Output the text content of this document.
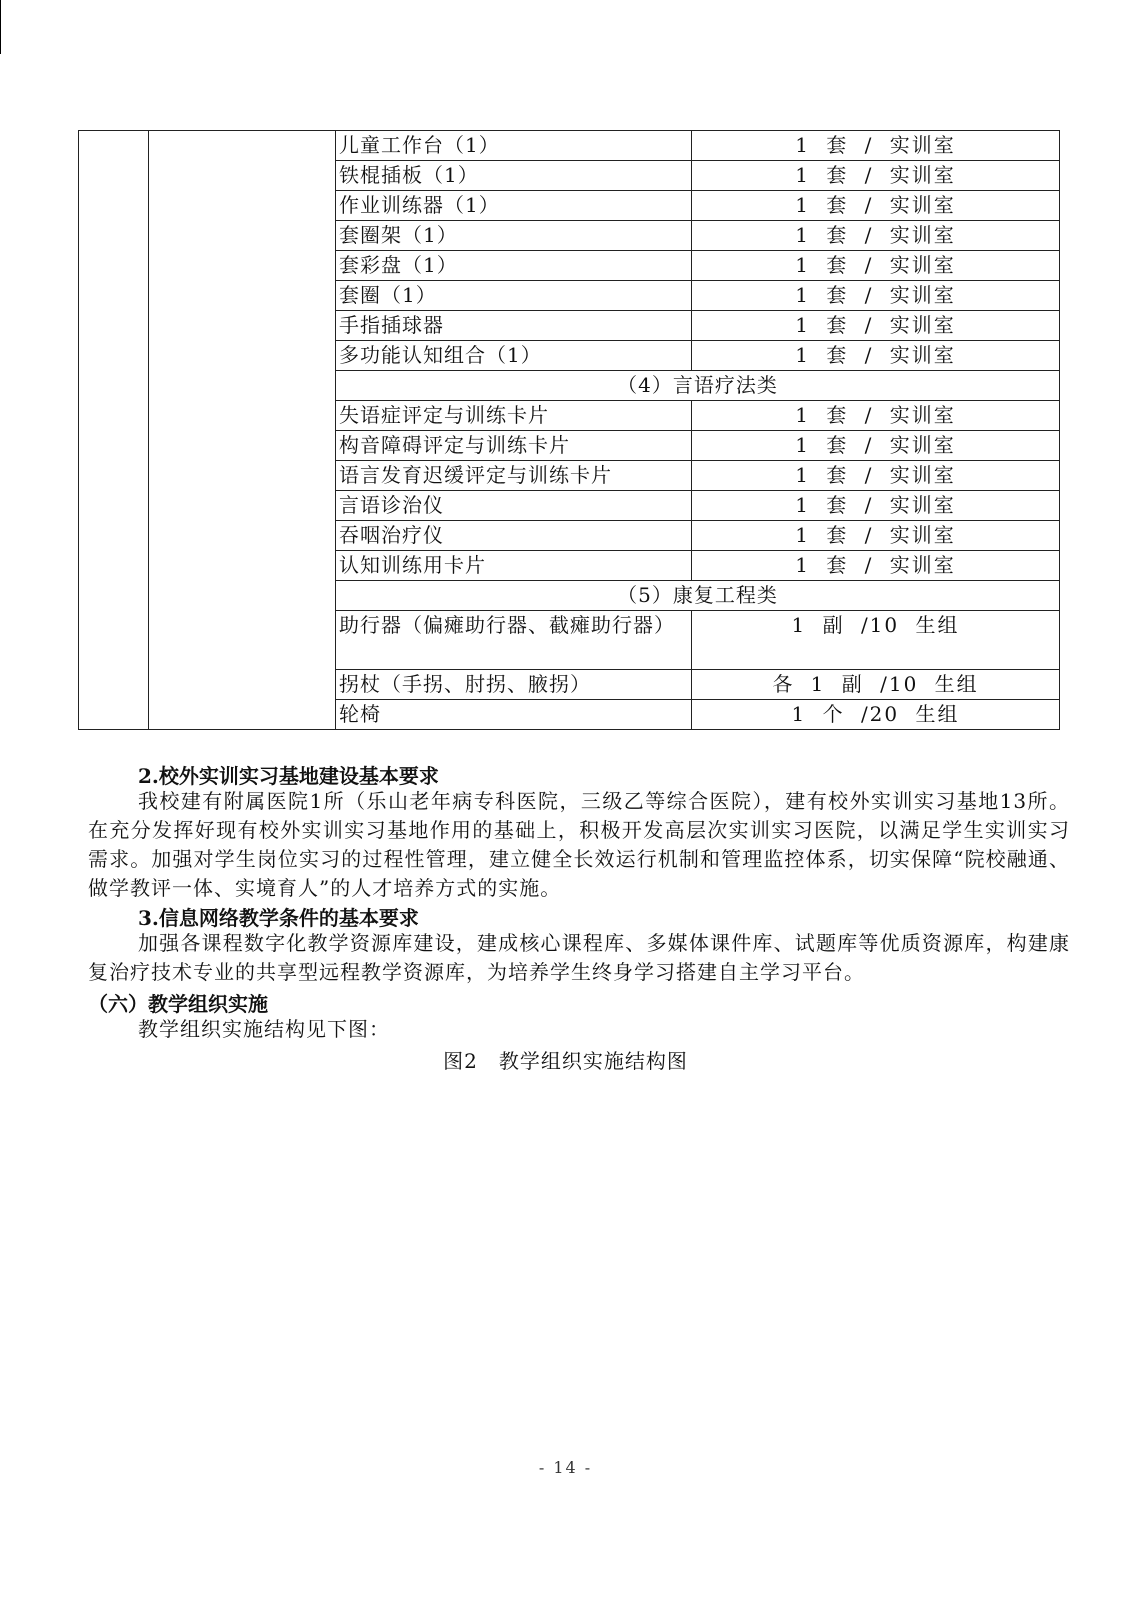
		儿童工作台（1）	1 套 / 实训室
		铁棍插板（1）	1 套 / 实训室
		作业训练器（1）	1 套 / 实训室
		套圈架（1）	1 套 / 实训室
		套彩盘（1）	1 套 / 实训室
		套圈（1）	1 套 / 实训室
		手指插球器	1 套 / 实训室
		多功能认知组合（1）	1 套 / 实训室
		（4）言语疗法类	
		失语症评定与训练卡片	1 套 / 实训室
		构音障碍评定与训练卡片	1 套 / 实训室
		语言发育迟缓评定与训练卡片	1 套 / 实训室
		言语诊治仪	1 套 / 实训室
		吞咽治疗仪	1 套 / 实训室
		认知训练用卡片	1 套 / 实训室
		（5）康复工程类	
		助行器（偏瘫助行器、截瘫助行器）	1 副 /10 生组
		拐杖（手拐、肘拐、腋拐）	各 1 副 /10 生组
		轮椅	1 个 /20 生组
2.校外实训实习基地建设基本要求

我校建有附属医院1所（乐山老年病专科医院，三级乙等综合医院），建有校外实训实习基地13所。在充分发挥好现有校外实训实习基地作用的基础上，积极开发高层次实训实习医院，以满足学生实训实习需求。加强对学生岗位实习的过程性管理，建立健全长效运行机制和管理监控体系，切实保障“院校融通、做学教评一体、实境育人”的人才培养方式的实施。

3.信息网络教学条件的基本要求

加强各课程数字化教学资源库建设，建成核心课程库、多媒体课件库、试题库等优质资源库，构建康复治疗技术专业的共享型远程教学资源库，为培养学生终身学习搭建自主学习平台。

（六）教学组织实施

教学组织实施结构见下图：

图2　教学组织实施结构图
- 14 -
